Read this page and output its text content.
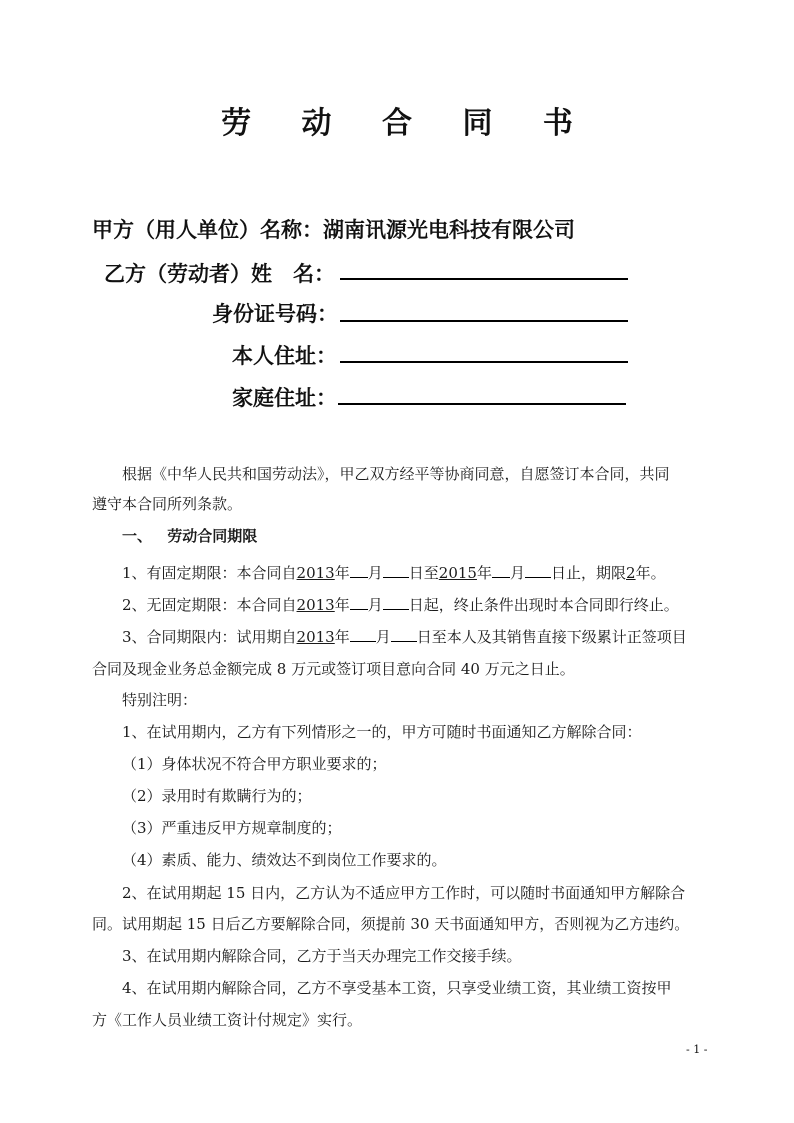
劳 动 合 同 书
甲方（用人单位）名称：湖南讯源光电科技有限公司
乙方（劳动者）姓　名：
身份证号码：
本人住址：
家庭住址：
根据《中华人民共和国劳动法》，甲乙双方经平等协商同意，自愿签订本合同，共同
遵守本合同所列条款。
一、 劳动合同期限
1、有固定期限：本合同自2013年 月 日至2015年 月 日止，期限2年。
2、无固定期限：本合同自2013年 月 日起，终止条件出现时本合同即行终止。
3、合同期限内：试用期自2013年 月 日至本人及其销售直接下级累计正签项目
合同及现金业务总金额完成 8 万元或签订项目意向合同 40 万元之日止。
特别注明：
1、在试用期内，乙方有下列情形之一的，甲方可随时书面通知乙方解除合同：
（1）身体状况不符合甲方职业要求的；
（2）录用时有欺瞒行为的；
（3）严重违反甲方规章制度的；
（4）素质、能力、绩效达不到岗位工作要求的。
2、在试用期起 15 日内，乙方认为不适应甲方工作时，可以随时书面通知甲方解除合
同。试用期起 15 日后乙方要解除合同，须提前 30 天书面通知甲方，否则视为乙方违约。
3、在试用期内解除合同，乙方于当天办理完工作交接手续。
4、在试用期内解除合同，乙方不享受基本工资，只享受业绩工资，其业绩工资按甲
方《工作人员业绩工资计付规定》实行。
- 1 -
